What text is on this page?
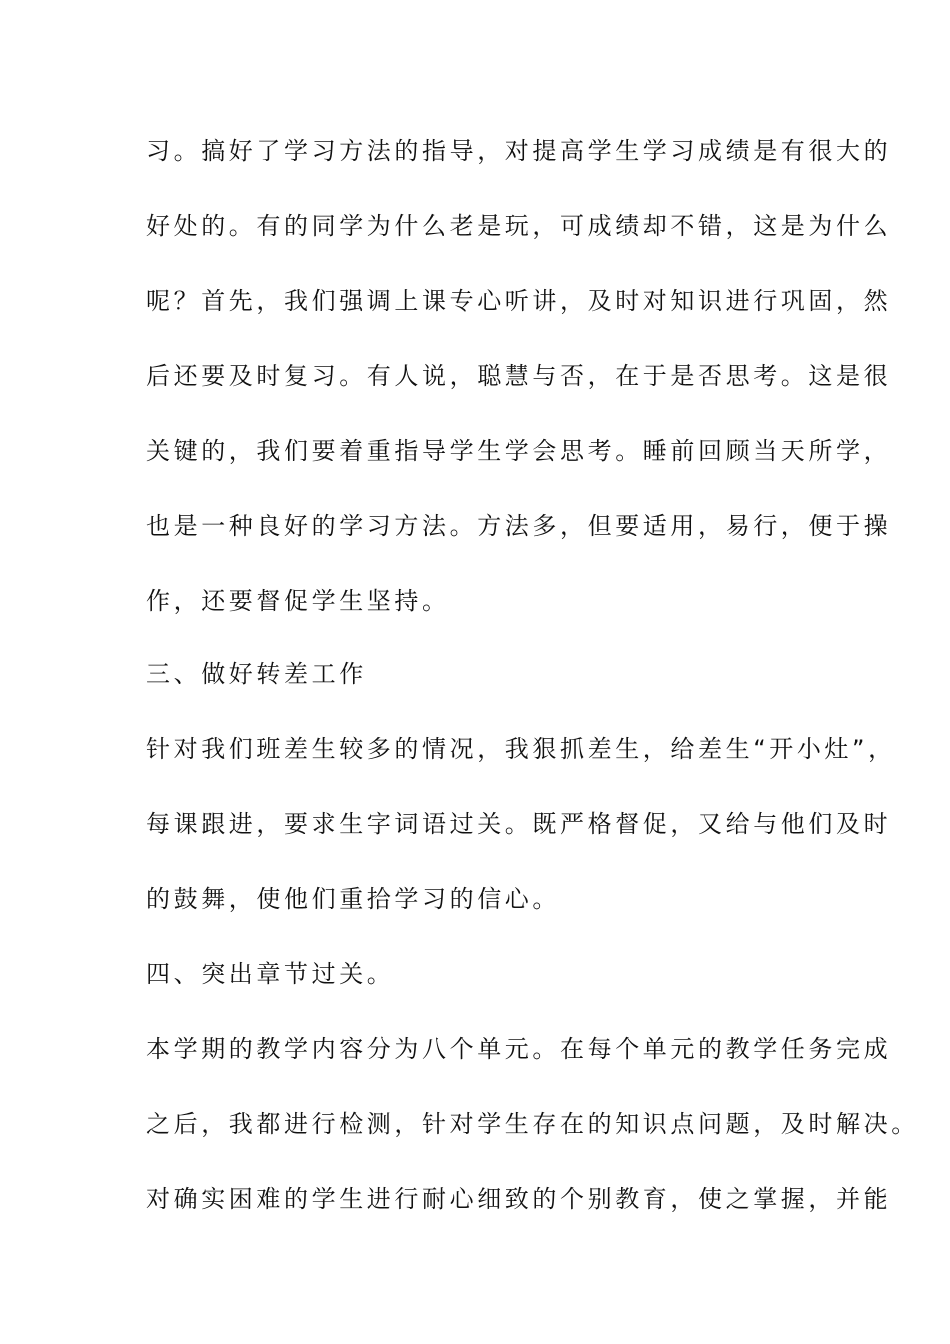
习。搞好了学习方法的指导，对提高学生学习成绩是有很大的
好处的。有的同学为什么老是玩，可成绩却不错，这是为什么
呢？首先，我们强调上课专心听讲，及时对知识进行巩固，然
后还要及时复习。有人说，聪慧与否，在于是否思考。这是很
关键的，我们要着重指导学生学会思考。睡前回顾当天所学，
也是一种良好的学习方法。方法多，但要适用，易行，便于操
作，还要督促学生坚持。
三、做好转差工作
针对我们班差生较多的情况，我狠抓差生，给差生“开小灶”，
每课跟进，要求生字词语过关。既严格督促，又给与他们及时
的鼓舞，使他们重拾学习的信心。
四、突出章节过关。
本学期的教学内容分为八个单元。在每个单元的教学任务完成
之后，我都进行检测，针对学生存在的知识点问题，及时解决。
对确实困难的学生进行耐心细致的个别教育，使之掌握，并能
